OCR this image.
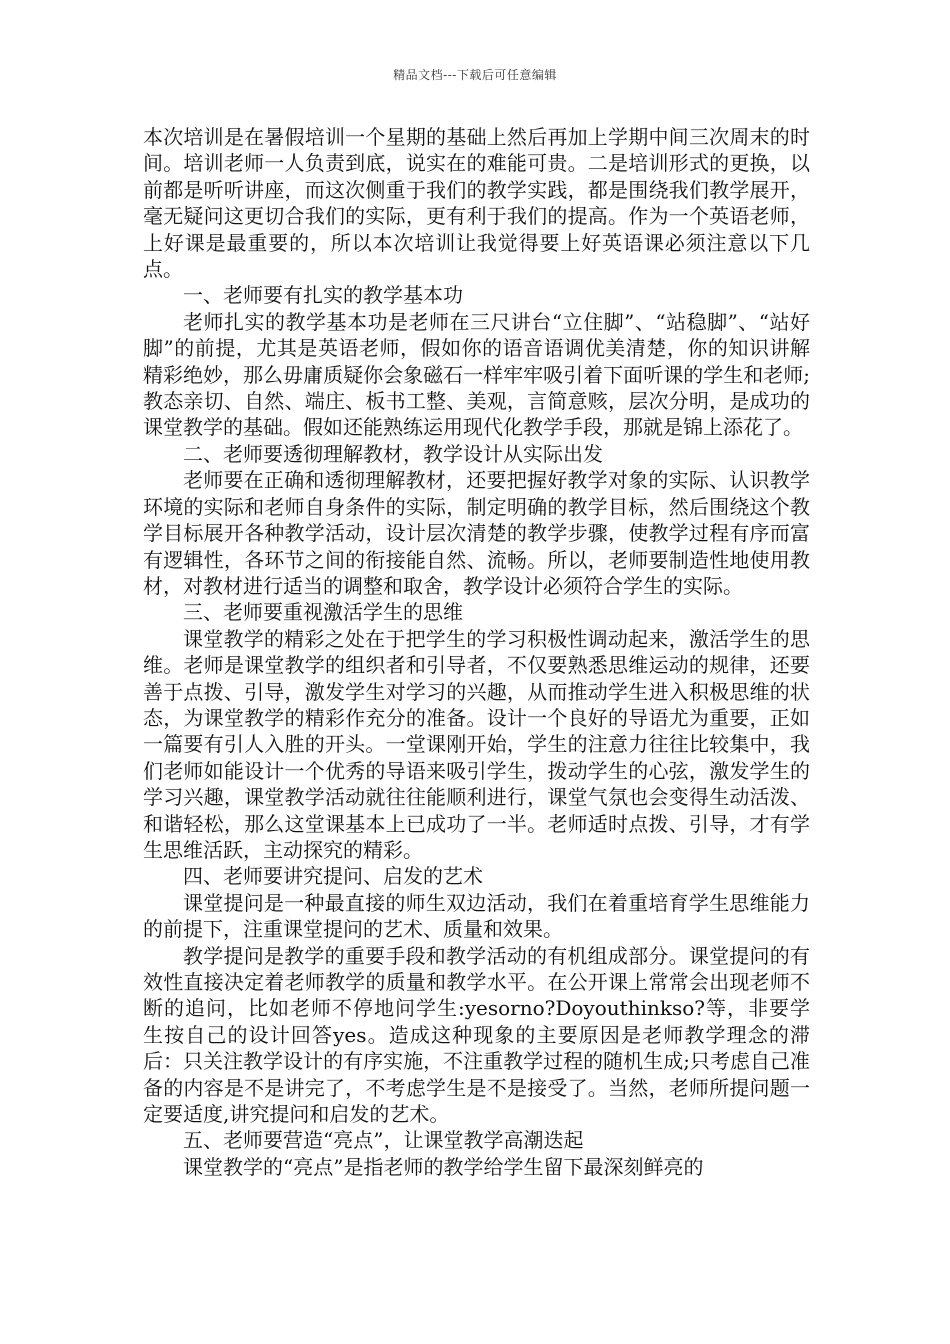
精品文档---下载后可任意编辑

本次培训是在暑假培训一个星期的基础上然后再加上学期中间三次周末的时间。培训老师一人负责到底，说实在的难能可贵。二是培训形式的更换，以前都是听听讲座，而这次侧重于我们的教学实践，都是围绕我们教学展开，毫无疑问这更切合我们的实际，更有利于我们的提高。作为一个英语老师，上好课是最重要的，所以本次培训让我觉得要上好英语课必须注意以下几点。

一、老师要有扎实的教学基本功

老师扎实的教学基本功是老师在三尺讲台“立住脚”、“站稳脚”、“站好脚”的前提，尤其是英语老师，假如你的语音语调优美清楚，你的知识讲解精彩绝妙，那么毋庸质疑你会象磁石一样牢牢吸引着下面听课的学生和老师;教态亲切、自然、端庄、板书工整、美观，言简意赅，层次分明，是成功的课堂教学的基础。假如还能熟练运用现代化教学手段，那就是锦上添花了。

二、老师要透彻理解教材，教学设计从实际出发

老师要在正确和透彻理解教材，还要把握好教学对象的实际、认识教学环境的实际和老师自身条件的实际，制定明确的教学目标，然后围绕这个教学目标展开各种教学活动，设计层次清楚的教学步骤，使教学过程有序而富有逻辑性，各环节之间的衔接能自然、流畅。所以，老师要制造性地使用教材，对教材进行适当的调整和取舍，教学设计必须符合学生的实际。

三、老师要重视激活学生的思维

课堂教学的精彩之处在于把学生的学习积极性调动起来，激活学生的思维。老师是课堂教学的组织者和引导者，不仅要熟悉思维运动的规律，还要善于点拨、引导，激发学生对学习的兴趣，从而推动学生进入积极思维的状态，为课堂教学的精彩作充分的准备。设计一个良好的导语尤为重要，正如一篇要有引人入胜的开头。一堂课刚开始，学生的注意力往往比较集中，我们老师如能设计一个优秀的导语来吸引学生，拨动学生的心弦，激发学生的学习兴趣，课堂教学活动就往往能顺利进行，课堂气氛也会变得生动活泼、和谐轻松，那么这堂课基本上已成功了一半。老师适时点拨、引导，才有学生思维活跃，主动探究的精彩。

四、老师要讲究提问、启发的艺术

课堂提问是一种最直接的师生双边活动，我们在着重培育学生思维能力的前提下，注重课堂提问的艺术、质量和效果。

教学提问是教学的重要手段和教学活动的有机组成部分。课堂提问的有效性直接决定着老师教学的质量和教学水平。在公开课上常常会出现老师不断的追问，比如老师不停地问学生:yesorno?Doyouthinkso?等，非要学生按自己的设计回答yes。造成这种现象的主要原因是老师教学理念的滞后：只关注教学设计的有序实施，不注重教学过程的随机生成;只考虑自己准备的内容是不是讲完了，不考虑学生是不是接受了。当然，老师所提问题一定要适度,讲究提问和启发的艺术。

五、老师要营造“亮点”，让课堂教学高潮迭起

课堂教学的“亮点”是指老师的教学给学生留下最深刻鲜亮的
